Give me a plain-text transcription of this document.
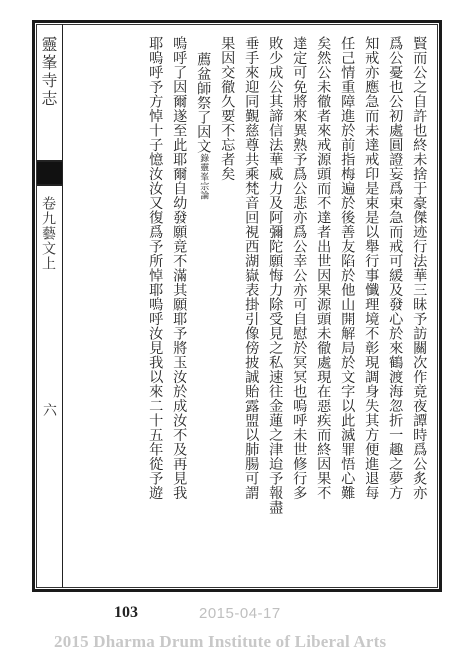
靈峯寺志
卷九藝文上
六	賢而公之自許也終未捨于豪傑迹行法華三昧予訪關次作竟夜譚時爲公炙亦
爲公憂也公初處圓證妄爲束急而戒可緩及發心於來鶴渡海忽折一趣之夢方
知戒亦應急而未達戒印是束是以舉行事懺理境不彰現調身失其方便進退每
任己情重障進於前指梅遍於後善友陷於他山開解局於文字以此滅罪悟心難
矣然公未徹者來戒源頭而不達者出世因果源頭未徹處現在惡疾而終因果不
達定可免將來異熟予爲公悲亦爲公幸公亦可自慰於冥冥也嗚呼未世修行多
敗少成公其諦信法華威力及阿彌陀願悔力除受見之私速往金蓮之津迨予報盡
垂手來迎同覲慈尊共乘梵音回視西湖嶽表掛引像傍披誠貽露盟以肺腸可謂
果因交徹久要不忘者矣
薦盆師祭了因文錄靈峯宗論
嗚呼了因爾遂至此耶爾自幼發願竟不滿其願耶予將玉汝於成汝不及再見我
耶嗚呼予方悼十子憶汝汝又復爲予所悼耶嗚呼汝見我以來二十五年從予遊
103	2015-04-17
2015 Dharma Drum Institute of Liberal Arts
